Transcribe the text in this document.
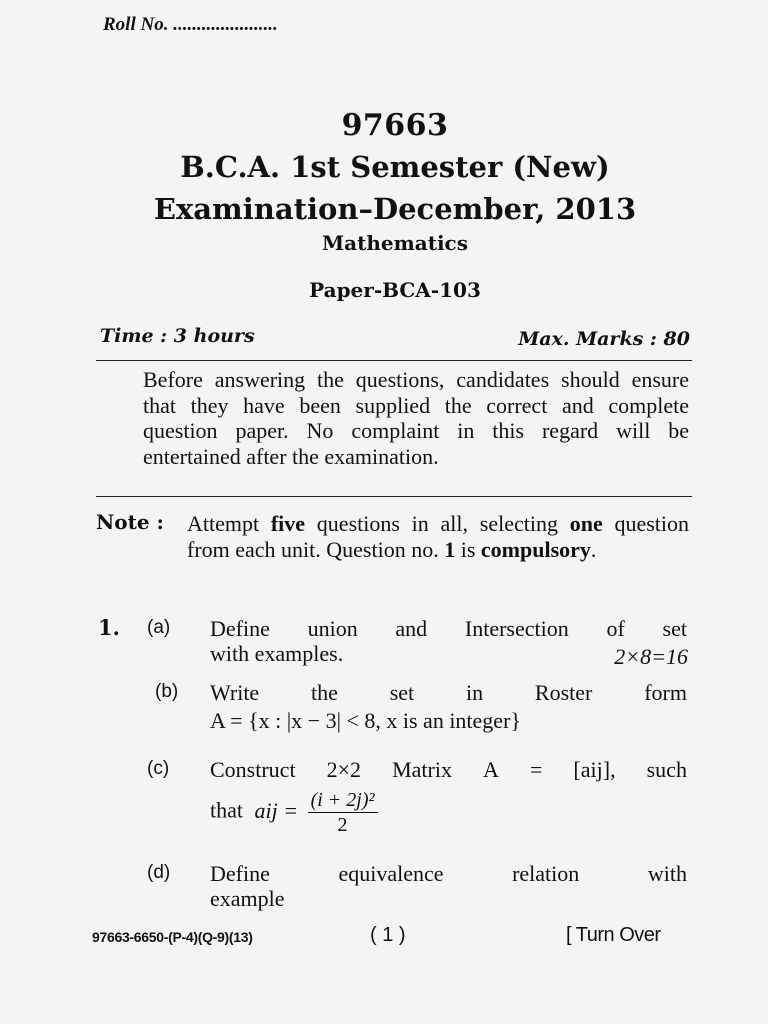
Roll No. ......................
97663
B.C.A. 1st Semester (New)
Examination–December, 2013
Mathematics
Paper-BCA-103
Time : 3 hours	Max. Marks : 80
Before answering the questions, candidates should ensure that they have been supplied the correct and complete question paper. No complaint in this regard will be entertained after the examination.
Note : Attempt five questions in all, selecting one question from each unit. Question no. 1 is compulsory.
1. (a) Define union and Intersection of set
with examples.	2×8=16
(b) Write the set in Roster form
A = {x : |x − 3| < 8, x is an integer}
(c) Construct 2×2 Matrix A = [aij], such
that aij = $\frac{\text{(i + 2j)²}}{2}$
(d) Define	equivalence	relation	with
example
97663-6650-(P-4)(Q-9)(13)	( 1 )	[ Turn Over
